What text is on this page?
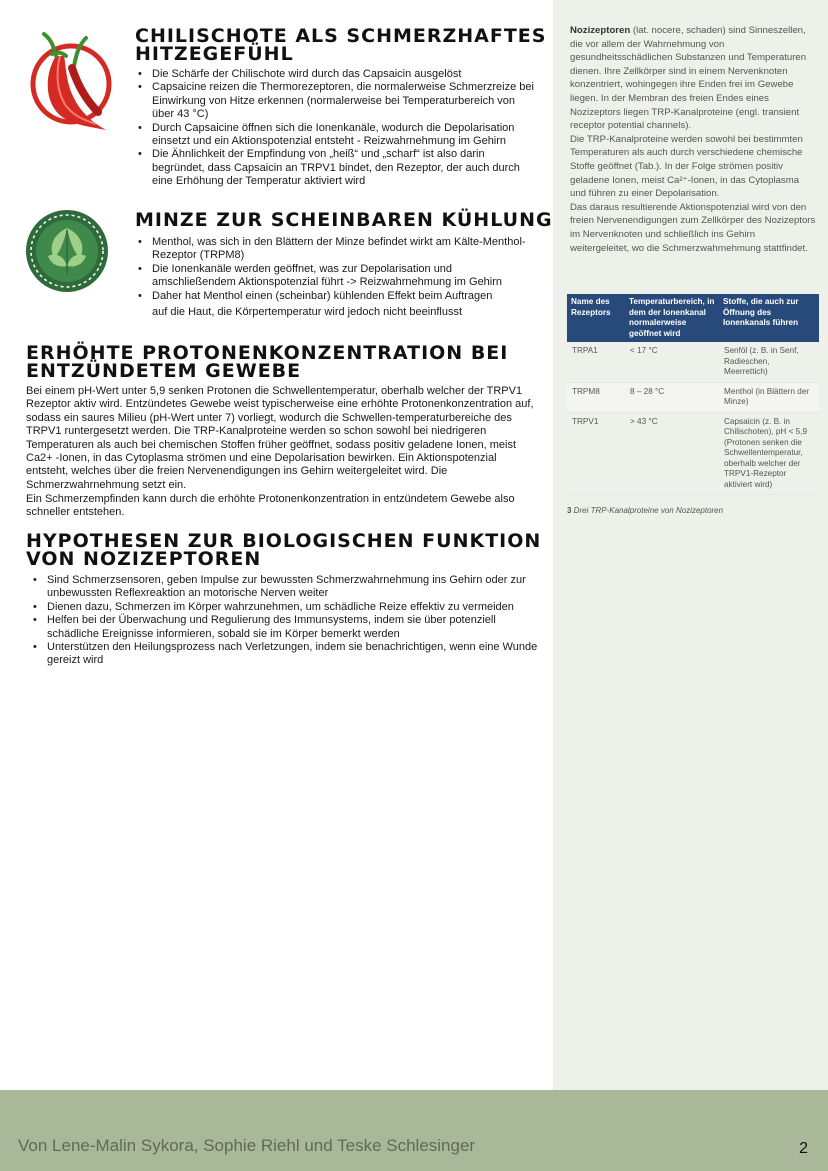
CHILISCHOTE ALS SCHMERZHAFTES
HITZEGEFÜHL
• Die Schärfe der Chilischote wird durch das Capsaicin ausgelöst
• Capsaicine reizen die Thermorezeptoren, die normalerweise Schmerzreize bei Einwirkung von Hitze erkennen (normalerweise bei Temperaturbereich von über 43 °C)
• Durch Capsaicine öffnen sich die Ionenkanäle, wodurch die Depolarisation einsetzt und ein Aktionspotenzial entsteht - Reizwahrnehmung im Gehirn
• Die Ähnlichkeit der Empfindung von „heiß“ und „scharf“ ist also darin begründet, dass Capsaicin an TRPV1 bindet, den Rezeptor, der auch durch eine Erhöhung der Temperatur aktiviert wird
MINZE ZUR SCHEINBAREN KÜHLUNG
• Menthol, was sich in den Blättern der Minze befindet wirkt am Kälte-Menthol-Rezeptor (TRPM8)
• Die Ionenkanäle werden geöffnet, was zur Depolarisation und amschließendem Aktionspotenzial führt -> Reizwahrnehmung im Gehirn
• Daher hat Menthol einen (scheinbar) kühlenden Effekt beim Auftragen

auf die Haut, die Körpertemperatur wird jedoch nicht beeinflusst

ERHÖHTE PROTONENKONZENTRATION BEI
ENTZÜNDETEM GEWEBE

Bei einem pH-Wert unter 5,9 senken Protonen die Schwellentemperatur, oberhalb welcher der TRPV1 Rezeptor aktiv wird. Entzündetes Gewebe weist typischerweise eine erhöhte Protonenkonzentration auf, sodass ein saures Milieu (pH-Wert unter 7) vorliegt, wodurch die Schwellen-temperaturbereiche des TRPV1 runtergesetzt werden. Die TRP-Kanalproteine werden so schon sowohl bei niedrigeren Temperaturen als auch bei chemischen Stoffen früher geöffnet, sodass positiv geladene Ionen, meist Ca2+ -Ionen, in das Cytoplasma strömen und eine Depolarisation bewirken. Ein Aktionspotenzial entsteht, welches über die freien Nervenendigungen ins Gehirn weitergeleitet wird. Die Schmerzwahrnehmung setzt ein.

Ein Schmerzempfinden kann durch die erhöhte Protonenkonzentration in entzündetem Gewebe also schneller entstehen.

HYPOTHESEN ZUR BIOLOGISCHEN FUNKTION
VON NOZIZEPTOREN
• Sind Schmerzsensoren, geben Impulse zur bewussten Schmerzwahrnehmung ins Gehirn oder zur unbewussten Reflexreaktion an motorische Nerven weiter
• Dienen dazu, Schmerzen im Körper wahrzunehmen, um schädliche Reize effektiv zu vermeiden
• Helfen bei der Überwachung und Regulierung des Immunsystems, indem sie über potenziell schädliche Ereignisse informieren, sobald sie im Körper bemerkt werden
• Unterstützen den Heilungsprozess nach Verletzungen, indem sie benachrichtigen, wenn eine Wunde gereizt wird

Nozizeptoren (lat. nocere, schaden) sind Sinneszellen, die vor allem der Wahrnehmung von gesundheitsschädlichen Substanzen und Temperaturen dienen. Ihre Zellkörper sind in einem Nervenknoten konzentriert, wohingegen ihre Enden frei im Gewebe liegen. In der Membran des freien Endes eines Nozizeptors liegen TRP-Kanalproteine (engl. transient receptor potential channels).

Die TRP-Kanalproteine werden sowohl bei bestimmten Temperaturen als auch durch verschiedene chemische Stoffe geöffnet (Tab.). In der Folge strömen positiv geladene Ionen, meist Ca²⁺-Ionen, in das Cytoplasma und führen zu einer Depolarisation.

Das daraus resultierende Aktionspotenzial wird von den freien Nervenendigungen zum Zellkörper des Nozizeptors im Nervenknoten und schließlich ins Gehirn weitergeleitet, wo die Schmerzwahrnehmung stattfindet.

Name des Rezeptors	Temperaturbereich, in dem der Ionenkanal normalerweise geöffnet wird	Stoffe, die auch zur Öffnung des Ionenkanals führen
TRPA1	< 17 °C	Senföl (z. B. in Senf, Radieschen, Meerrettich)
TRPM8	8 – 28 °C	Menthol (in Blättern der Minze)
TRPV1	> 43 °C	Capsaicin (z. B. in Chilischoten), pH < 5,9 (Protonen senken die Schwellentemperatur, oberhalb welcher der TRPV1-Rezeptor aktiviert wird)
3 Drei TRP-Kanalproteine von Nozizeptoren
Von Lene-Malin Sykora, Sophie Riehl und Teske Schlesinger	2
